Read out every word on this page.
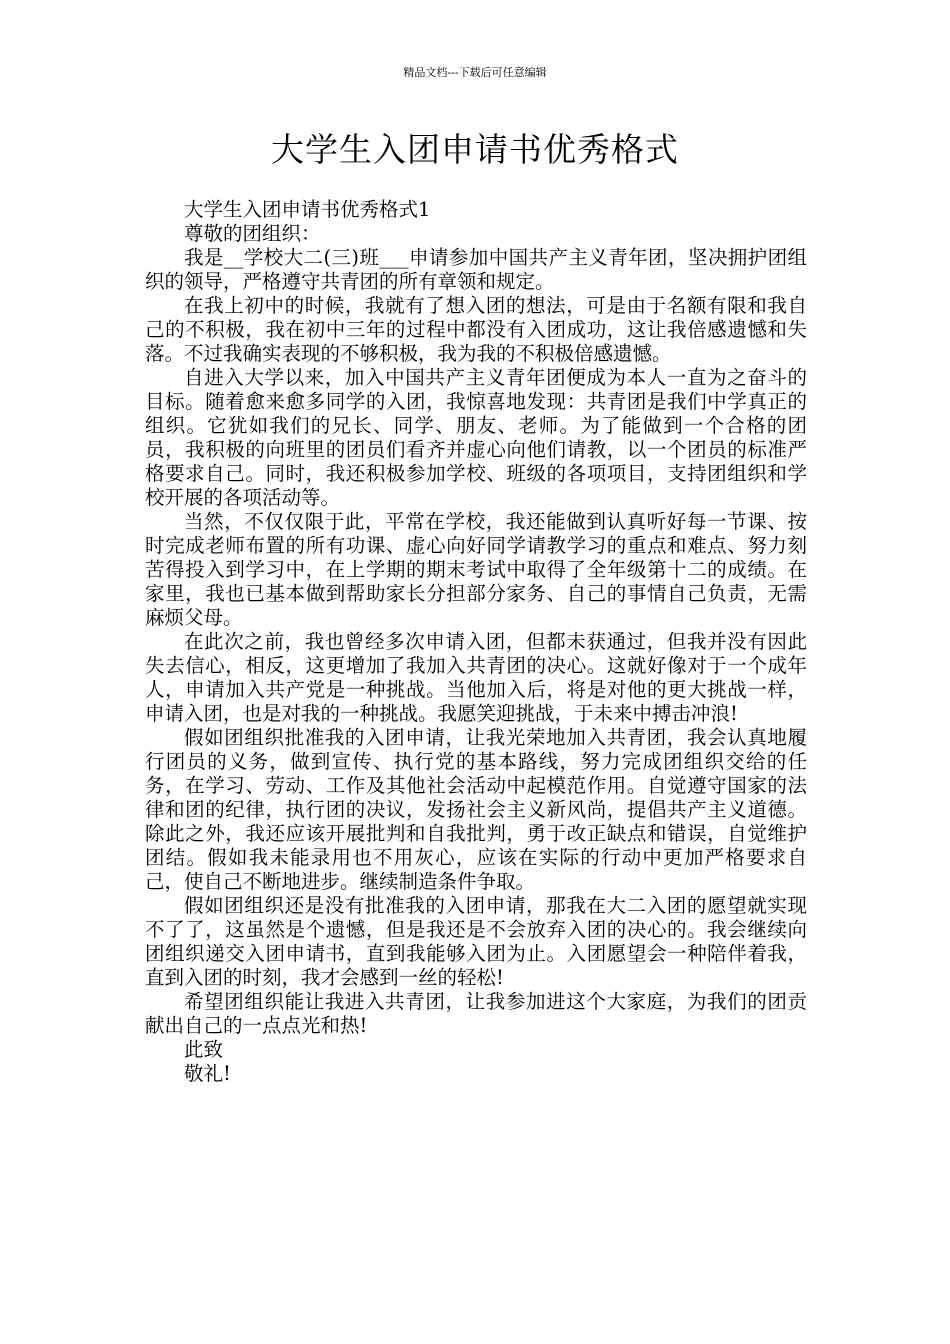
精品文档---下载后可任意编辑
大学生入团申请书优秀格式

大学生入团申请书优秀格式1

尊敬的团组织：

我是__学校大二(三)班___申请参加中国共产主义青年团，坚决拥护团组织的领导，严格遵守共青团的所有章领和规定。

在我上初中的时候，我就有了想入团的想法，可是由于名额有限和我自己的不积极，我在初中三年的过程中都没有入团成功，这让我倍感遗憾和失落。不过我确实表现的不够积极，我为我的不积极倍感遗憾。

自进入大学以来，加入中国共产主义青年团便成为本人一直为之奋斗的目标。随着愈来愈多同学的入团，我惊喜地发现：共青团是我们中学真正的组织。它犹如我们的兄长、同学、朋友、老师。为了能做到一个合格的团员，我积极的向班里的团员们看齐并虚心向他们请教，以一个团员的标准严格要求自己。同时，我还积极参加学校、班级的各项项目，支持团组织和学校开展的各项活动等。

当然，不仅仅限于此，平常在学校，我还能做到认真听好每一节课、按时完成老师布置的所有功课、虚心向好同学请教学习的重点和难点、努力刻苦得投入到学习中，在上学期的期末考试中取得了全年级第十二的成绩。在家里，我也已基本做到帮助家长分担部分家务、自己的事情自己负责，无需麻烦父母。

在此次之前，我也曾经多次申请入团，但都未获通过，但我并没有因此失去信心，相反，这更增加了我加入共青团的决心。这就好像对于一个成年人，申请加入共产党是一种挑战。当他加入后，将是对他的更大挑战一样，申请入团，也是对我的一种挑战。我愿笑迎挑战，于未来中搏击冲浪!

假如团组织批准我的入团申请，让我光荣地加入共青团，我会认真地履行团员的义务，做到宣传、执行党的基本路线，努力完成团组织交给的任务，在学习、劳动、工作及其他社会活动中起模范作用。自觉遵守国家的法律和团的纪律，执行团的决议，发扬社会主义新风尚，提倡共产主义道德。除此之外，我还应该开展批判和自我批判，勇于改正缺点和错误，自觉维护团结。假如我未能录用也不用灰心，应该在实际的行动中更加严格要求自己，使自己不断地进步。继续制造条件争取。

假如团组织还是没有批准我的入团申请，那我在大二入团的愿望就实现不了了，这虽然是个遗憾，但是我还是不会放弃入团的决心的。我会继续向团组织递交入团申请书，直到我能够入团为止。入团愿望会一种陪伴着我，直到入团的时刻，我才会感到一丝的轻松!

希望团组织能让我进入共青团，让我参加进这个大家庭，为我们的团贡献出自己的一点点光和热!

此致

敬礼!
